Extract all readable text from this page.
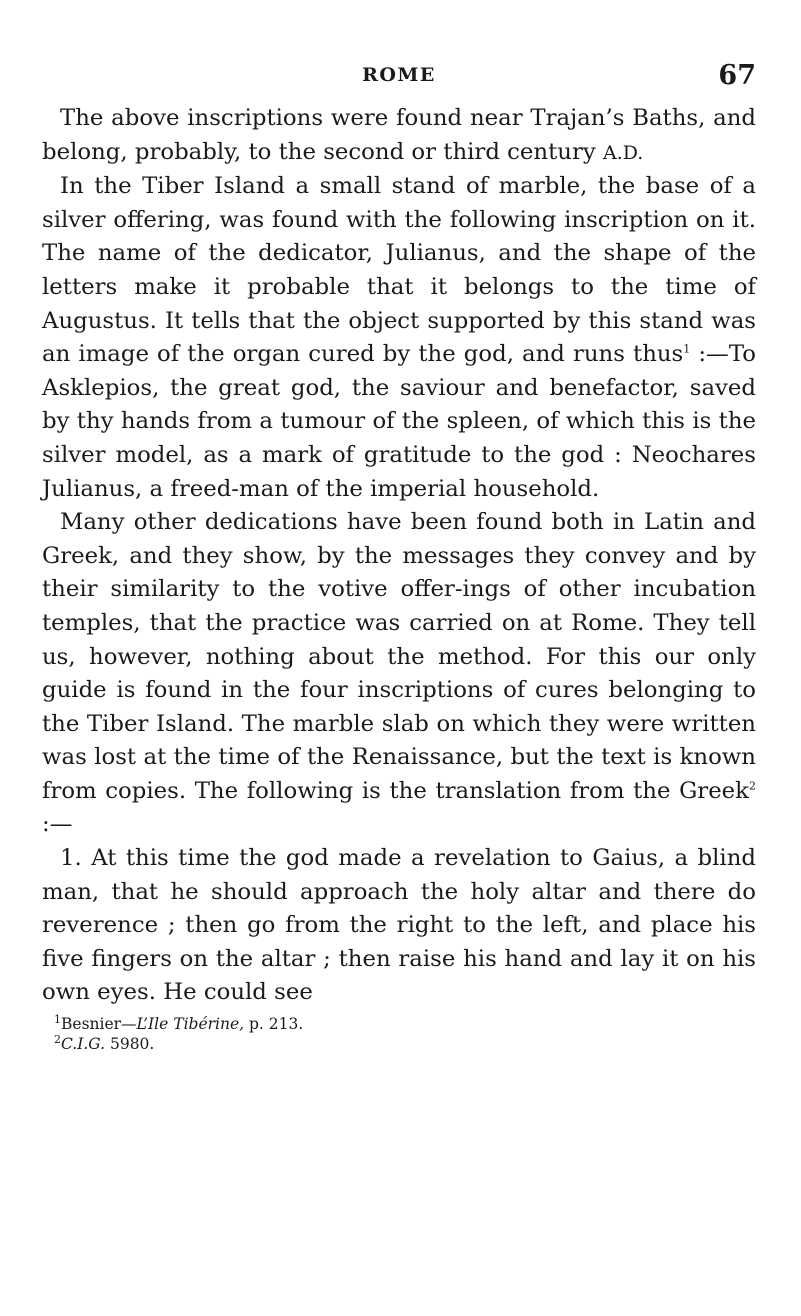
ROME	67

The above inscriptions were found near Trajan’s Baths, and belong, probably, to the second or third century A.D.

In the Tiber Island a small stand of marble, the base of a silver offering, was found with the following inscription on it. The name of the dedicator, Julianus, and the shape of the letters make it probable that it belongs to the time of Augustus. It tells that the object supported by this stand was an image of the organ cured by the god, and runs thus$^1$ :—To Asklepios, the great god, the saviour and benefactor, saved by thy hands from a tumour of the spleen, of which this is the silver model, as a mark of gratitude to the god : Neochares Julianus, a freed-man of the imperial household.

Many other dedications have been found both in Latin and Greek, and they show, by the messages they convey and by their similarity to the votive offer-ings of other incubation temples, that the practice was carried on at Rome. They tell us, however, nothing about the method. For this our only guide is found in the four inscriptions of cures belonging to the Tiber Island. The marble slab on which they were written was lost at the time of the Renaissance, but the text is known from copies. The following is the translation from the Greek$^2$ :—

1. At this time the god made a revelation to Gaius, a blind man, that he should approach the holy altar and there do reverence ; then go from the right to the left, and place his five fingers on the altar ; then raise his hand and lay it on his own eyes. He could see

$^1$Besnier—L’Ile Tibérine, p. 213.

$^2$C.I.G. 5980.
